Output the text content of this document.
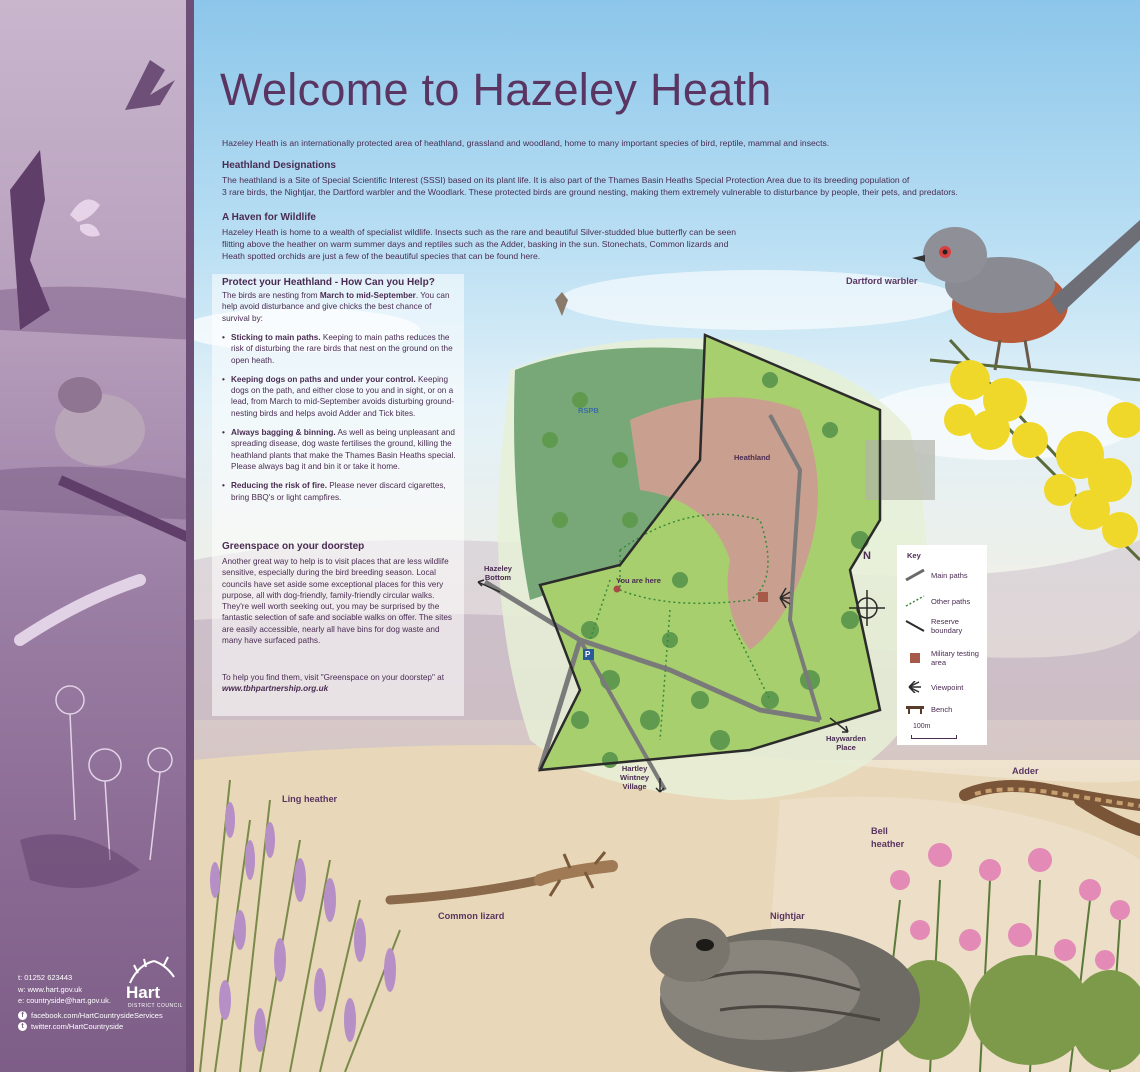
t: 01252 623443
w: www.hart.gov.uk
e: countryside@hart.gov.uk.
f facebook.com/HartCountrysideServices
t twitter.com/HartCountryside
Hart
DISTRICT COUNCIL
Welcome to Hazeley Heath
Hazeley Heath is an internationally protected area of heathland, grassland and woodland, home to many important species of bird, reptile, mammal and insects.
Heathland Designations
The heathland is a Site of Special Scientific Interest (SSSI) based on its plant life. It is also part of the Thames Basin Heaths Special Protection Area due to its breeding population of
3 rare birds, the Nightjar, the Dartford warbler and the Woodlark. These protected birds are ground nesting, making them extremely vulnerable to disturbance by people, their pets, and predators.
A Haven for Wildlife
Hazeley Heath is home to a wealth of specialist wildlife. Insects such as the rare and beautiful Silver-studded blue butterfly can be seen
flitting above the heather on warm summer days and reptiles such as the Adder, basking in the sun. Stonechats, Common lizards and
Heath spotted orchids are just a few of the beautiful species that can be found here.
Protect your Heathland - How Can you Help?
The birds are nesting from March to mid-September. You can help avoid disturbance and give chicks the best chance of survival by:
• Sticking to main paths. Keeping to main paths reduces the risk of disturbing the rare birds that nest on the ground on the open heath.
• Keeping dogs on paths and under your control. Keeping dogs on the path, and either close to you and in sight, or on a lead, from March to mid-September avoids disturbing ground-nesting birds and helps avoid Adder and Tick bites.
• Always bagging & binning. As well as being unpleasant and spreading disease, dog waste fertilises the ground, killing the heathland plants that make the Thames Basin Heaths special. Please always bag it and bin it or take it home.
• Reducing the risk of fire. Please never discard cigarettes, bring BBQ's or light campfires.
Greenspace on your doorstep
Another great way to help is to visit places that are less wildlife sensitive, especially during the bird breeding season. Local councils have set aside some exceptional places for this very purpose, all with dog-friendly, family-friendly circular walks. They're well worth seeking out, you may be surprised by the fantastic selection of safe and sociable walks on offer. The sites are easily accessible, nearly all have bins for dog waste and many have surfaced paths.
To help you find them, visit "Greenspace on your doorstep" at www.tbhpartnership.org.uk
Dartford warbler
Adder
Ling heather
Bell
heather
Common lizard	Nightjar
RSPB
Heathland
You are here
Hazeley
Bottom
Haywarden
Place
Hartley
Wintney
Village
P
N	Key
Main paths
Other paths
Reserve boundary
Military testing area
Viewpoint
Bench
100m
